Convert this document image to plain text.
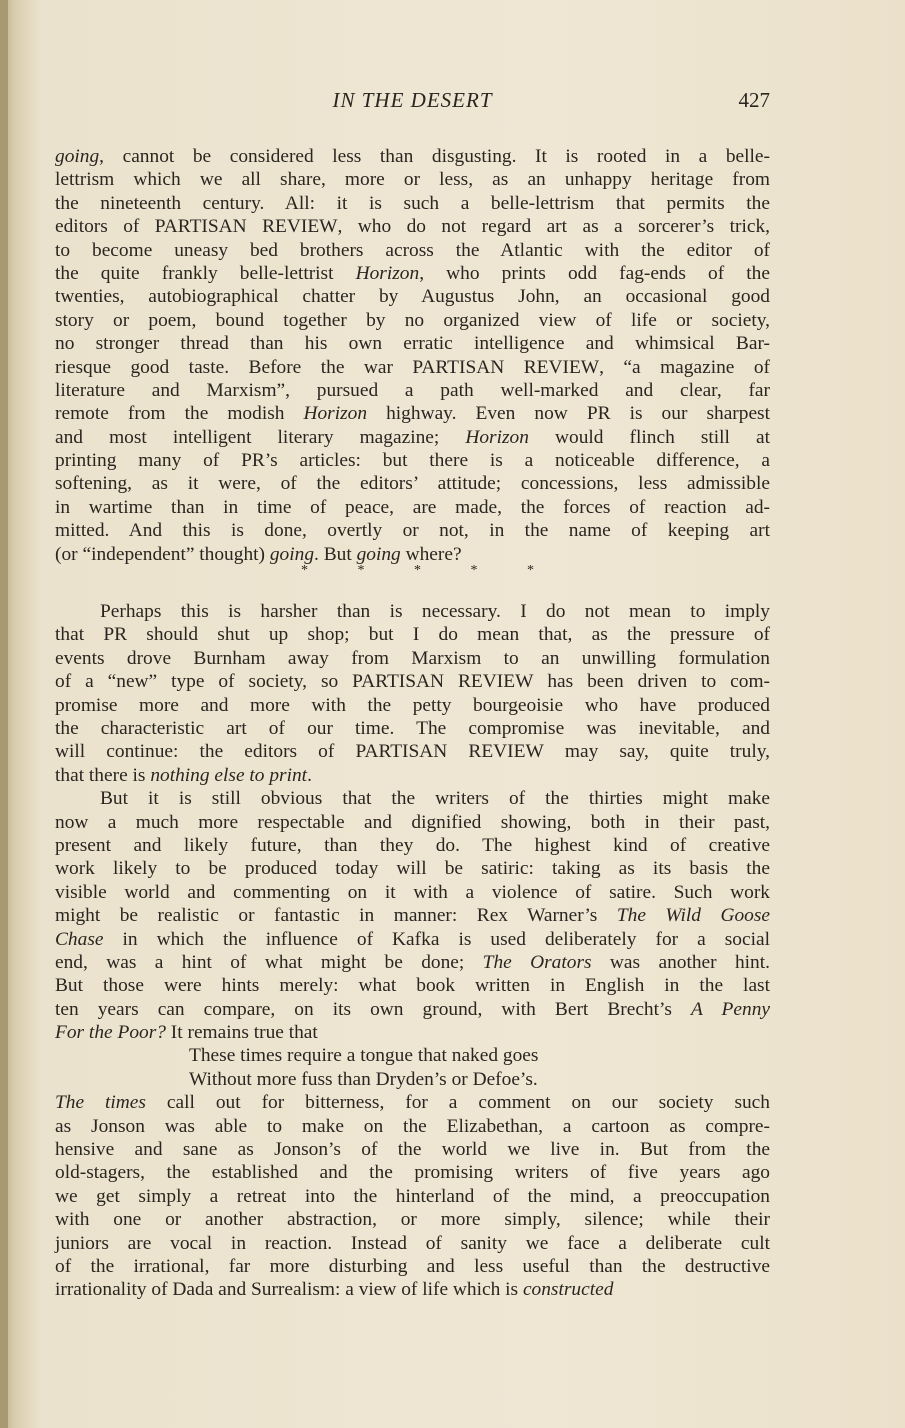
IN THE DESERT	427
going, cannot be considered less than disgusting. It is rooted in a belle-
lettrism which we all share, more or less, as an unhappy heritage from
the nineteenth century. All: it is such a belle-lettrism that permits the
editors of PARTISAN REVIEW, who do not regard art as a sorcerer’s trick,
to become uneasy bed brothers across the Atlantic with the editor of
the quite frankly belle-lettrist Horizon, who prints odd fag-ends of the
twenties, autobiographical chatter by Augustus John, an occasional good
story or poem, bound together by no organized view of life or society,
no stronger thread than his own erratic intelligence and whimsical Bar-
riesque good taste. Before the war PARTISAN REVIEW, “a magazine of
literature and Marxism”, pursued a path well-marked and clear, far
remote from the modish Horizon highway. Even now PR is our sharpest
and most intelligent literary magazine; Horizon would flinch still at
printing many of PR’s articles: but there is a noticeable difference, a
softening, as it were, of the editors’ attitude; concessions, less admissible
in wartime than in time of peace, are made, the forces of reaction ad-
mitted. And this is done, overtly or not, in the name of keeping art
(or “independent” thought) going. But going where?
* * * * *
Perhaps this is harsher than is necessary. I do not mean to imply
that PR should shut up shop; but I do mean that, as the pressure of
events drove Burnham away from Marxism to an unwilling formulation
of a “new” type of society, so PARTISAN REVIEW has been driven to com-
promise more and more with the petty bourgeoisie who have produced
the characteristic art of our time. The compromise was inevitable, and
will continue: the editors of PARTISAN REVIEW may say, quite truly,
that there is nothing else to print.
But it is still obvious that the writers of the thirties might make
now a much more respectable and dignified showing, both in their past,
present and likely future, than they do. The highest kind of creative
work likely to be produced today will be satiric: taking as its basis the
visible world and commenting on it with a violence of satire. Such work
might be realistic or fantastic in manner: Rex Warner’s The Wild Goose
Chase in which the influence of Kafka is used deliberately for a social
end, was a hint of what might be done; The Orators was another hint.
But those were hints merely: what book written in English in the last
ten years can compare, on its own ground, with Bert Brecht’s A Penny
For the Poor? It remains true that
These times require a tongue that naked goes
Without more fuss than Dryden’s or Defoe’s.
The times call out for bitterness, for a comment on our society such
as Jonson was able to make on the Elizabethan, a cartoon as compre-
hensive and sane as Jonson’s of the world we live in. But from the
old-stagers, the established and the promising writers of five years ago
we get simply a retreat into the hinterland of the mind, a preoccupation
with one or another abstraction, or more simply, silence; while their
juniors are vocal in reaction. Instead of sanity we face a deliberate cult
of the irrational, far more disturbing and less useful than the destructive
irrationality of Dada and Surrealism: a view of life which is constructed
